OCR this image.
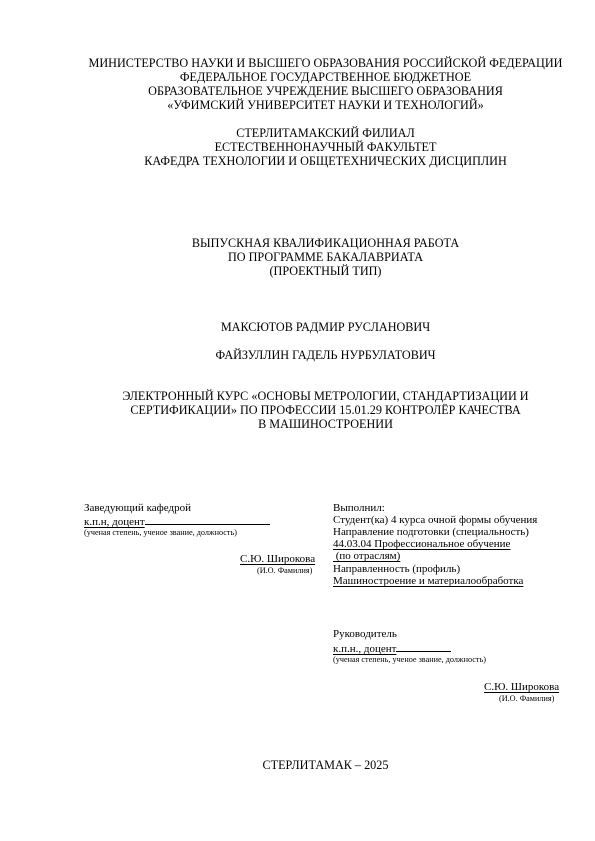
МИНИСТЕРСТВО НАУКИ И ВЫСШЕГО ОБРАЗОВАНИЯ РОССИЙСКОЙ ФЕДЕРАЦИИ
ФЕДЕРАЛЬНОЕ ГОСУДАРСТВЕННОЕ БЮДЖЕТНОЕ
ОБРАЗОВАТЕЛЬНОЕ УЧРЕЖДЕНИЕ ВЫСШЕГО ОБРАЗОВАНИЯ
«УФИМСКИЙ УНИВЕРСИТЕТ НАУКИ И ТЕХНОЛОГИЙ»
СТЕРЛИТАМАКСКИЙ ФИЛИАЛ
ЕСТЕСТВЕННОНАУЧНЫЙ ФАКУЛЬТЕТ
КАФЕДРА ТЕХНОЛОГИИ И ОБЩЕТЕХНИЧЕСКИХ ДИСЦИПЛИН
ВЫПУСКНАЯ КВАЛИФИКАЦИОННАЯ РАБОТА
ПО ПРОГРАММЕ БАКАЛАВРИАТА
(ПРОЕКТНЫЙ ТИП)
МАКСЮТОВ РАДМИР РУСЛАНОВИЧ
ФАЙЗУЛЛИН ГАДЕЛЬ НУРБУЛАТОВИЧ
ЭЛЕКТРОННЫЙ КУРС «ОСНОВЫ МЕТРОЛОГИИ, СТАНДАРТИЗАЦИИ И
СЕРТИФИКАЦИИ» ПО ПРОФЕССИИ 15.01.29 КОНТРОЛЁР КАЧЕСТВА
В МАШИНОСТРОЕНИИ
Заведующий кафедрой
к.п.н, доцент
(ученая степень, ученое звание, должность)
С.Ю. Широкова
(И.О. Фамилия)
Выполнил:
Студент(ка) 4 курса очной формы обучения
Направление подготовки (специальность)
44.03.04 Профессиональное обучение
(по отраслям)
Направленность (профиль)
Машиностроение и материалообработка
Руководитель
к.п.н., доцент
(ученая степень, ученое звание, должность)
С.Ю. Широкова
(И.О. Фамилия)
СТЕРЛИТАМАК – 2025
